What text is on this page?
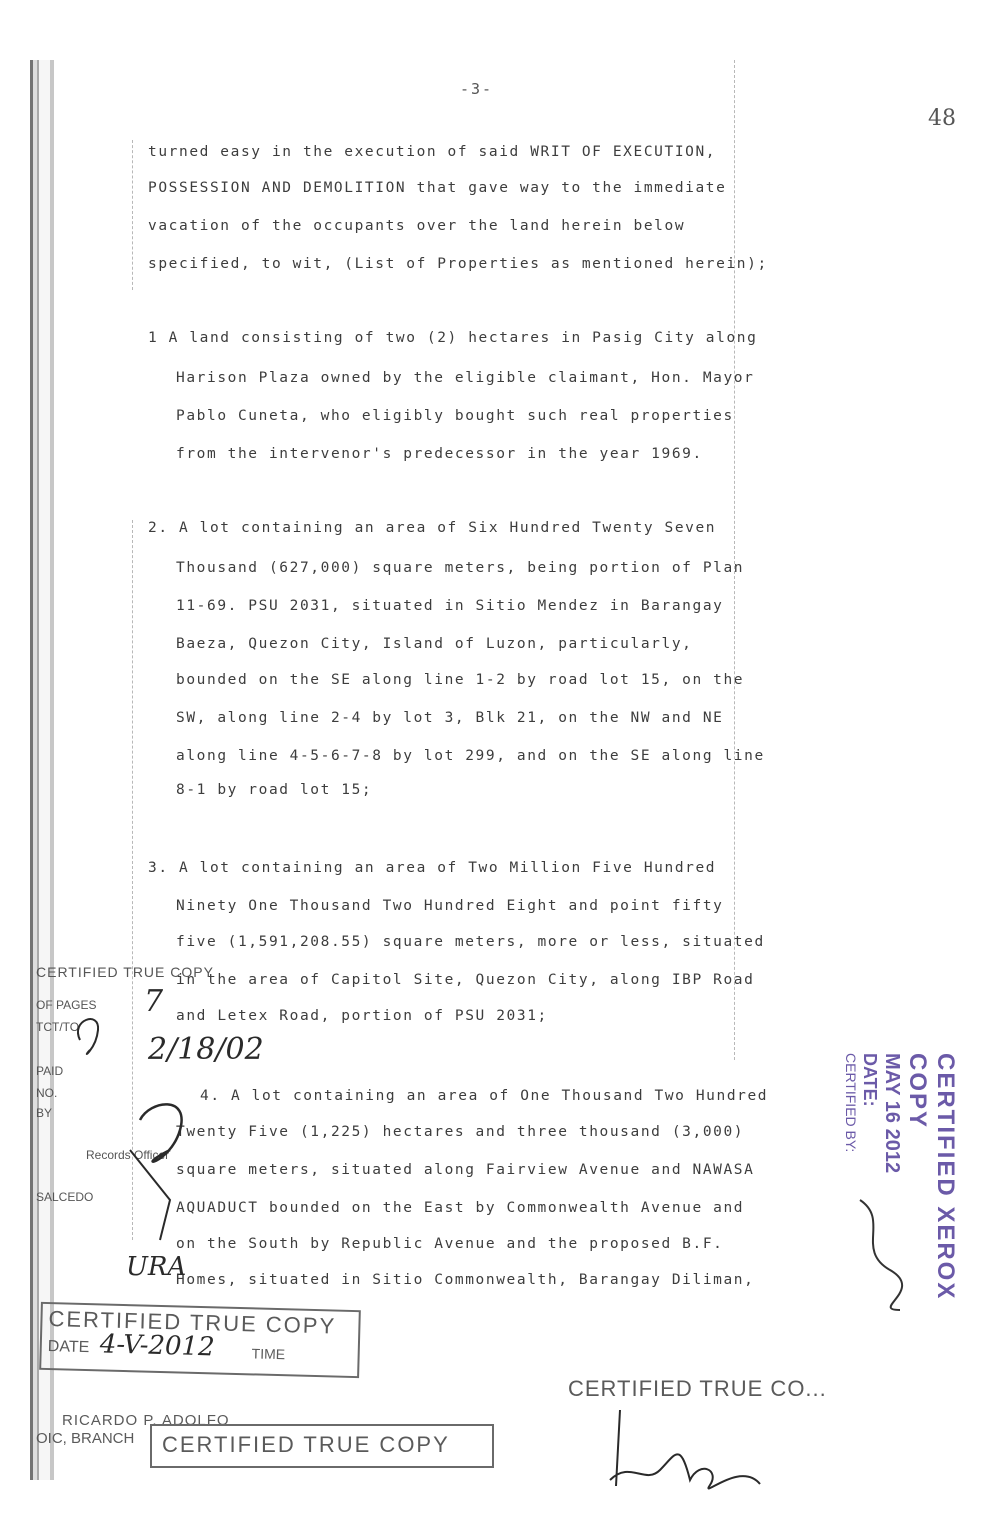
-3-
48
turned easy in the execution of said WRIT OF EXECUTION,
POSSESSION AND DEMOLITION that gave way to the immediate
vacation of the occupants over the land herein below
specified, to wit, (List of Properties as mentioned herein);
1 A land consisting of two (2) hectares in Pasig City along
Harison Plaza owned by the eligible claimant, Hon. Mayor
Pablo Cuneta, who eligibly bought such real properties
from the intervenor's predecessor in the year 1969.
2. A lot containing an area of Six Hundred Twenty Seven
Thousand (627,000) square meters, being portion of Plan
11-69. PSU 2031, situated in Sitio Mendez in Barangay
Baeza, Quezon City, Island of Luzon, particularly,
bounded on the SE along line 1-2 by road lot 15, on the
SW, along line 2-4 by lot 3, Blk 21, on the NW and NE
along line 4-5-6-7-8 by lot 299, and on the SE along line
8-1 by road lot 15;
3. A lot containing an area of Two Million Five Hundred
Ninety One Thousand Two Hundred Eight and point fifty
five (1,591,208.55) square meters, more or less, situated
in the area of Capitol Site, Quezon City, along IBP Road
and Letex Road, portion of PSU 2031;
4. A lot containing an area of One Thousand Two Hundred
Twenty Five (1,225) hectares and three thousand (3,000)
square meters, situated along Fairview Avenue and NAWASA
AQUADUCT bounded on the East by Commonwealth Avenue and
on the South by Republic Avenue and the proposed B.F.
Homes, situated in Sitio Commonwealth, Barangay Diliman,
CERTIFIED TRUE COPY
OF PAGES
TCT/TO
PAID
NO.
BY
Records Officer
SALCEDO
7
2/18/02
URA
CERTIFIED TRUE COPY
DATE 4-V-2012	TIME
RICARDO P. ADOLFO
OIC, BRANCH CERTIFIED TRUE COPY
CERTIFIED XEROX COPY
MAY 16 2012
DATE:
CERTIFIED BY:
CERTIFIED TRUE CO...
